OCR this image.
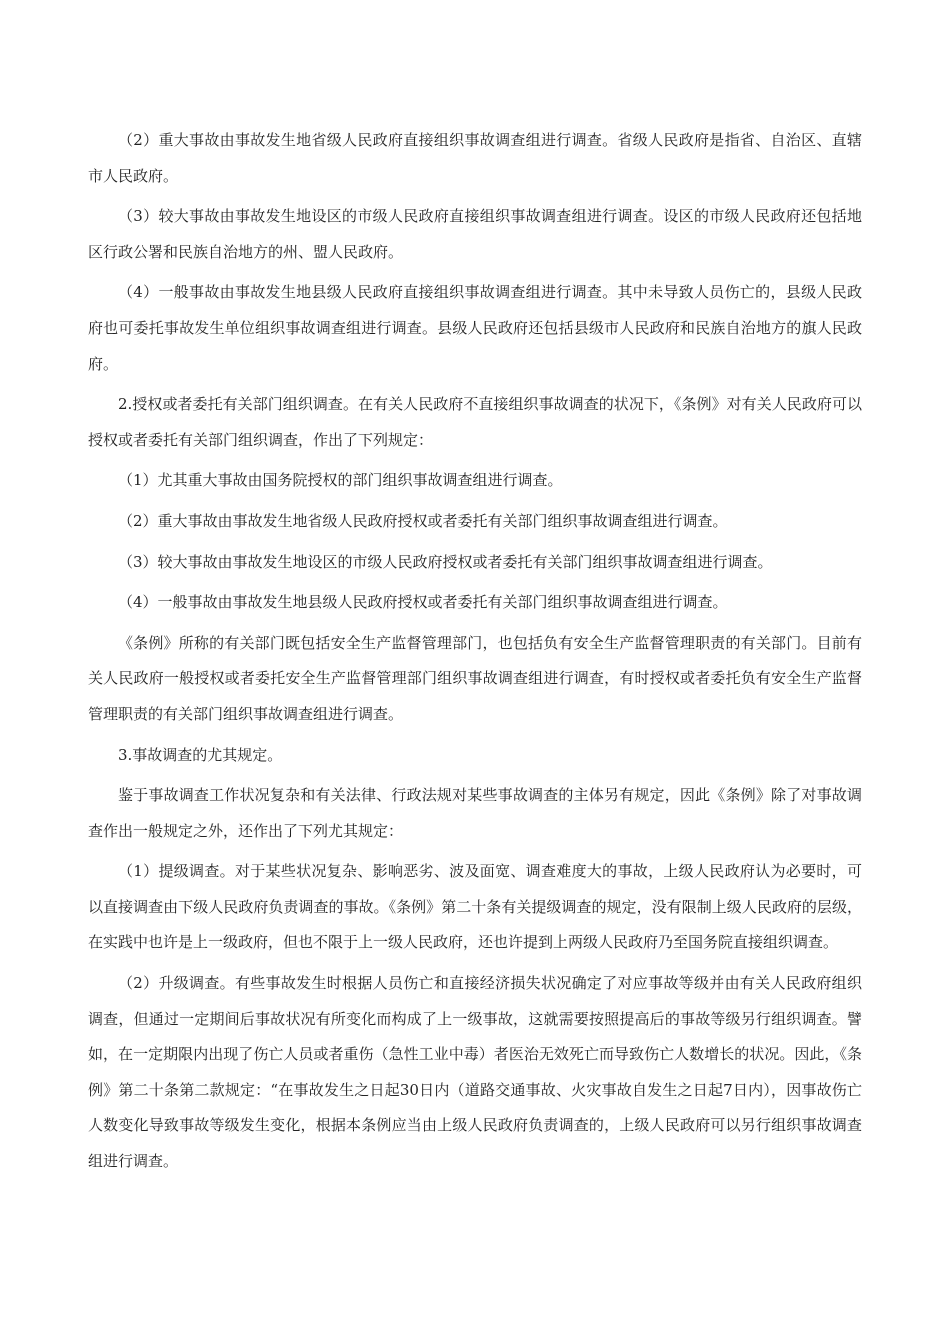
（2）重大事故由事故发生地省级人民政府直接组织事故调查组进行调查。省级人民政府是指省、自治区、直辖市人民政府。

（3）较大事故由事故发生地设区的市级人民政府直接组织事故调查组进行调查。设区的市级人民政府还包括地区行政公署和民族自治地方的州、盟人民政府。

（4）一般事故由事故发生地县级人民政府直接组织事故调查组进行调查。其中未导致人员伤亡的，县级人民政府也可委托事故发生单位组织事故调查组进行调查。县级人民政府还包括县级市人民政府和民族自治地方的旗人民政府。

2.授权或者委托有关部门组织调查。在有关人民政府不直接组织事故调查的状况下，《条例》对有关人民政府可以授权或者委托有关部门组织调查，作出了下列规定：

（1）尤其重大事故由国务院授权的部门组织事故调查组进行调查。

（2）重大事故由事故发生地省级人民政府授权或者委托有关部门组织事故调查组进行调查。

（3）较大事故由事故发生地设区的市级人民政府授权或者委托有关部门组织事故调查组进行调查。

（4）一般事故由事故发生地县级人民政府授权或者委托有关部门组织事故调查组进行调查。

《条例》所称的有关部门既包括安全生产监督管理部门，也包括负有安全生产监督管理职责的有关部门。目前有关人民政府一般授权或者委托安全生产监督管理部门组织事故调查组进行调查，有时授权或者委托负有安全生产监督管理职责的有关部门组织事故调查组进行调查。

3.事故调查的尤其规定。

鉴于事故调查工作状况复杂和有关法律、行政法规对某些事故调查的主体另有规定，因此《条例》除了对事故调查作出一般规定之外，还作出了下列尤其规定：

（1）提级调查。对于某些状况复杂、影响恶劣、波及面宽、调查难度大的事故，上级人民政府认为必要时，可以直接调查由下级人民政府负责调查的事故。《条例》第二十条有关提级调查的规定，没有限制上级人民政府的层级，在实践中也许是上一级政府，但也不限于上一级人民政府，还也许提到上两级人民政府乃至国务院直接组织调查。

（2）升级调查。有些事故发生时根据人员伤亡和直接经济损失状况确定了对应事故等级并由有关人民政府组织调查，但通过一定期间后事故状况有所变化而构成了上一级事故，这就需要按照提高后的事故等级另行组织调查。譬如，在一定期限内出现了伤亡人员或者重伤（急性工业中毒）者医治无效死亡而导致伤亡人数增长的状况。因此，《条例》第二十条第二款规定：“在事故发生之日起30日内（道路交通事故、火灾事故自发生之日起7日内），因事故伤亡人数变化导致事故等级发生变化，根据本条例应当由上级人民政府负责调查的，上级人民政府可以另行组织事故调查组进行调查。
